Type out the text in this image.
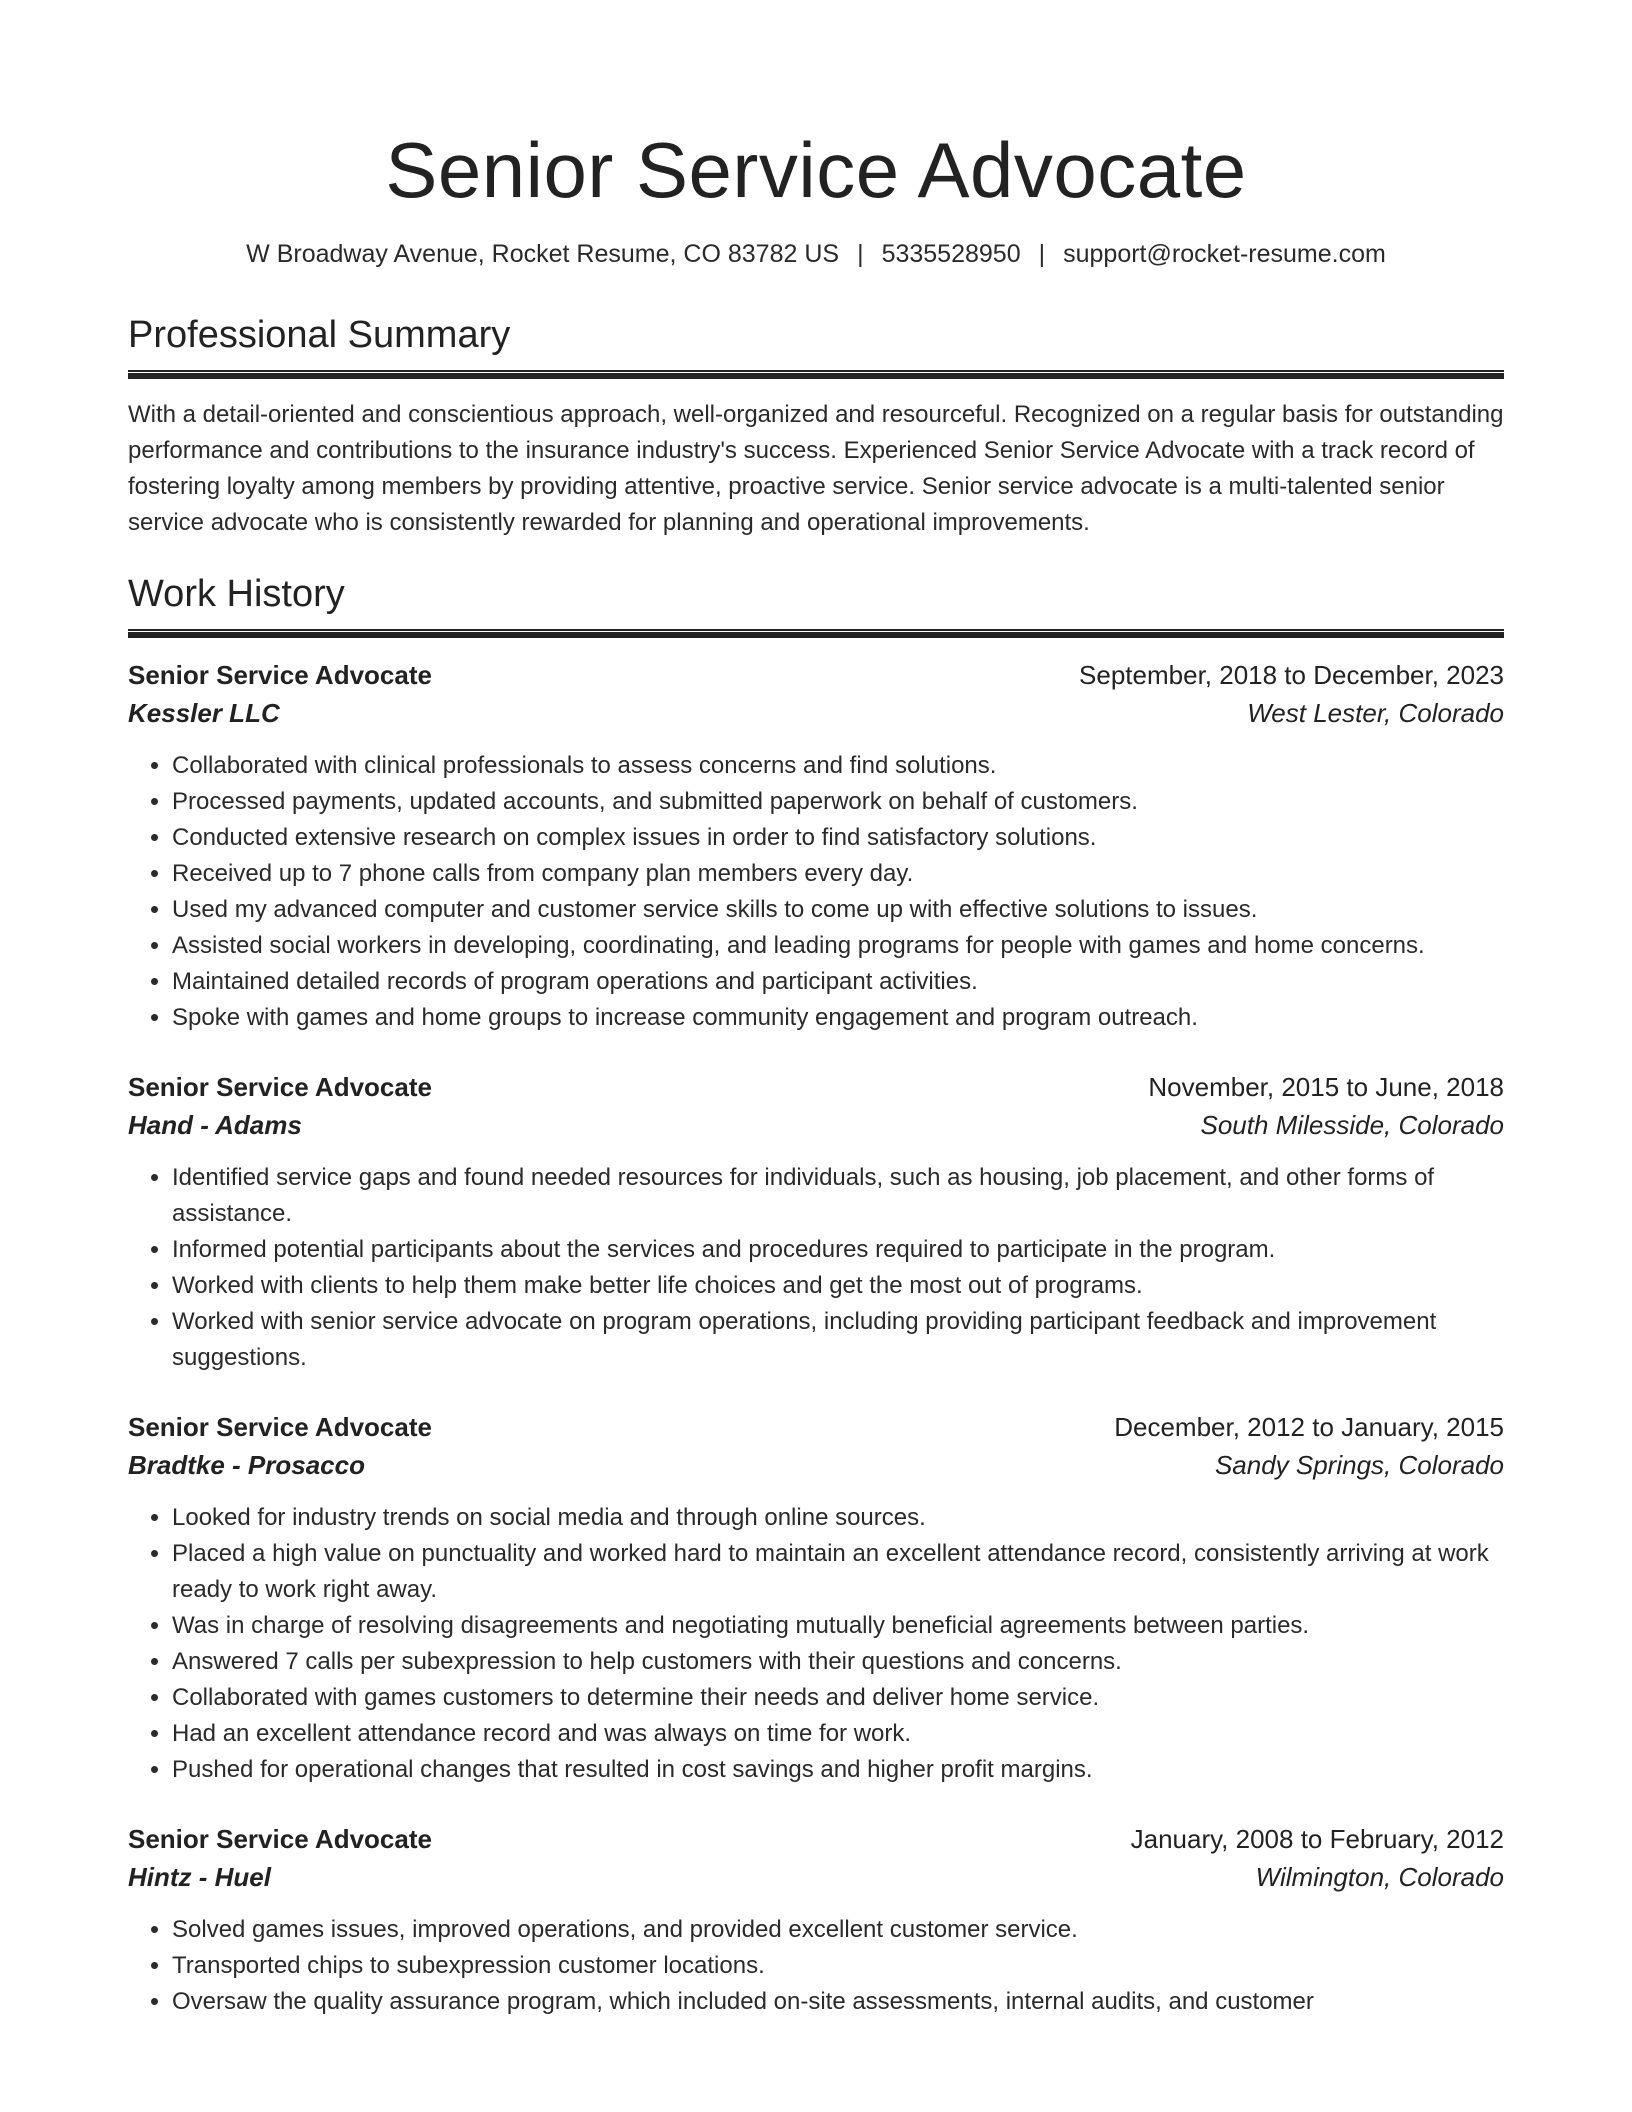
Senior Service Advocate
W Broadway Avenue, Rocket Resume, CO 83782 US | 5335528950 | support@rocket-resume.com
Professional Summary

With a detail-oriented and conscientious approach, well-organized and resourceful. Recognized on a regular basis for outstanding performance and contributions to the insurance industry's success. Experienced Senior Service Advocate with a track record of fostering loyalty among members by providing attentive, proactive service. Senior service advocate is a multi-talented senior service advocate who is consistently rewarded for planning and operational improvements.

Work History
Senior Service Advocate	September, 2018 to December, 2023
Kessler LLC	West Lester, Colorado
• Collaborated with clinical professionals to assess concerns and find solutions.
• Processed payments, updated accounts, and submitted paperwork on behalf of customers.
• Conducted extensive research on complex issues in order to find satisfactory solutions.
• Received up to 7 phone calls from company plan members every day.
• Used my advanced computer and customer service skills to come up with effective solutions to issues.
• Assisted social workers in developing, coordinating, and leading programs for people with games and home concerns.
• Maintained detailed records of program operations and participant activities.
• Spoke with games and home groups to increase community engagement and program outreach.
Senior Service Advocate	November, 2015 to June, 2018
Hand - Adams	South Milesside, Colorado
• Identified service gaps and found needed resources for individuals, such as housing, job placement, and other forms of assistance.
• Informed potential participants about the services and procedures required to participate in the program.
• Worked with clients to help them make better life choices and get the most out of programs.
• Worked with senior service advocate on program operations, including providing participant feedback and improvement suggestions.
Senior Service Advocate	December, 2012 to January, 2015
Bradtke - Prosacco	Sandy Springs, Colorado
• Looked for industry trends on social media and through online sources.
• Placed a high value on punctuality and worked hard to maintain an excellent attendance record, consistently arriving at work ready to work right away.
• Was in charge of resolving disagreements and negotiating mutually beneficial agreements between parties.
• Answered 7 calls per subexpression to help customers with their questions and concerns.
• Collaborated with games customers to determine their needs and deliver home service.
• Had an excellent attendance record and was always on time for work.
• Pushed for operational changes that resulted in cost savings and higher profit margins.
Senior Service Advocate	January, 2008 to February, 2012
Hintz - Huel	Wilmington, Colorado
• Solved games issues, improved operations, and provided excellent customer service.
• Transported chips to subexpression customer locations.
• Oversaw the quality assurance program, which included on-site assessments, internal audits, and customer
